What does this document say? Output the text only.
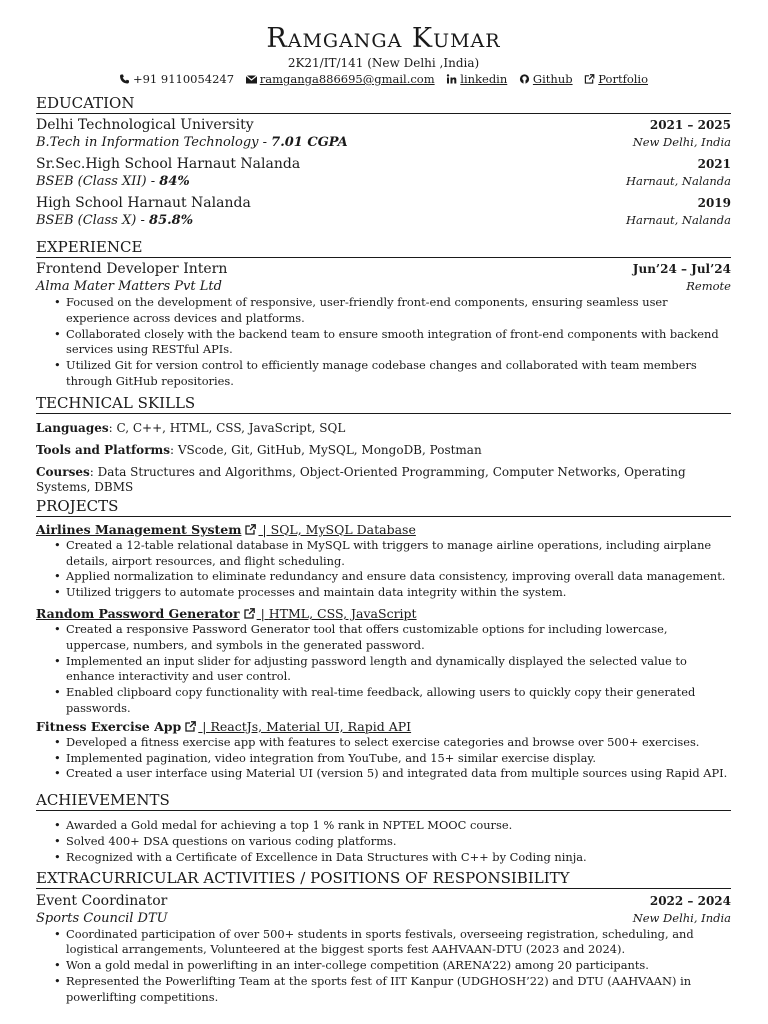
Ramganga Kumar
2K21/IT/141 (New Delhi ,India)
+91 9110054247 ramganga886695@gmail.com linkedin Github Portfolio
EDUCATION
Delhi Technological University	2021 – 2025
B.Tech in Information Technology - 7.01 CGPA	New Delhi, India
Sr.Sec.High School Harnaut Nalanda	2021
BSEB (Class XII) - 84%	Harnaut, Nalanda
High School Harnaut Nalanda	2019
BSEB (Class X) - 85.8%	Harnaut, Nalanda
EXPERIENCE
Frontend Developer Intern	Jun’24 – Jul’24
Alma Mater Matters Pvt Ltd	Remote
• Focused on the development of responsive, user-friendly front-end components, ensuring seamless user experience across devices and platforms.
• Collaborated closely with the backend team to ensure smooth integration of front-end components with backend services using RESTful APIs.
• Utilized Git for version control to efficiently manage codebase changes and collaborated with team members through GitHub repositories.
TECHNICAL SKILLS
Languages: C, C++, HTML, CSS, JavaScript, SQL
Tools and Platforms: VScode, Git, GitHub, MySQL, MongoDB, Postman
Courses: Data Structures and Algorithms, Object-Oriented Programming, Computer Networks, Operating Systems, DBMS
PROJECTS
Airlines Management System | SQL, MySQL Database
• Created a 12-table relational database in MySQL with triggers to manage airline operations, including airplane details, airport resources, and flight scheduling.
• Applied normalization to eliminate redundancy and ensure data consistency, improving overall data management.
• Utilized triggers to automate processes and maintain data integrity within the system.
Random Password Generator | HTML, CSS, JavaScript
• Created a responsive Password Generator tool that offers customizable options for including lowercase, uppercase, numbers, and symbols in the generated password.
• Implemented an input slider for adjusting password length and dynamically displayed the selected value to enhance interactivity and user control.
• Enabled clipboard copy functionality with real-time feedback, allowing users to quickly copy their generated passwords.
Fitness Exercise App | ReactJs, Material UI, Rapid API
• Developed a fitness exercise app with features to select exercise categories and browse over 500+ exercises.
• Implemented pagination, video integration from YouTube, and 15+ similar exercise display.
• Created a user interface using Material UI (version 5) and integrated data from multiple sources using Rapid API.
ACHIEVEMENTS
• Awarded a Gold medal for achieving a top 1 % rank in NPTEL MOOC course.
• Solved 400+ DSA questions on various coding platforms.
• Recognized with a Certificate of Excellence in Data Structures with C++ by Coding ninja.
EXTRACURRICULAR ACTIVITIES / POSITIONS OF RESPONSIBILITY
Event Coordinator	2022 – 2024
Sports Council DTU	New Delhi, India
• Coordinated participation of over 500+ students in sports festivals, overseeing registration, scheduling, and logistical arrangements, Volunteered at the biggest sports fest AAHVAAN-DTU (2023 and 2024).
• Won a gold medal in powerlifting in an inter-college competition (ARENA’22) among 20 participants.
• Represented the Powerlifting Team at the sports fest of IIT Kanpur (UDGHOSH’22) and DTU (AAHVAAN) in powerlifting competitions.
